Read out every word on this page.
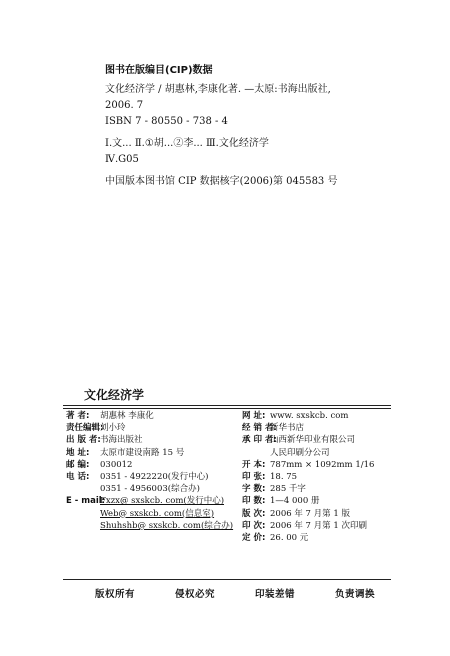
图书在版编目(CIP)数据
文化经济学 / 胡惠林,李康化著. —太原:书海出版社,
2006. 7
ISBN 7 - 80550 - 738 - 4
Ⅰ.文... Ⅱ.①胡...②李... Ⅲ.文化经济学
Ⅳ.G05
中国版本图书馆 CIP 数据核字(2006)第 045583 号
文化经济学
著 者:	胡惠林 李康化
责任编辑:
刘小玲
出 版 者: 书海出版社
地 址:	太原市建设南路 15 号
邮 编:	030012
电 话:	0351 - 4922220(发行中心)
0351 - 4956003(综合办)
E - mail:
Fxzx@ sxskcb. com(发行中心)
Web@ sxskcb. com(信息室)
Shuhshb@ sxskcb. com(综合办)
网 址: www. sxskcb. com
经 销 者:
新华书店
承 印 者:
山西新华印业有限公司
人民印刷分公司
开 本: 787mm × 1092mm 1/16
印 张: 18. 75
字 数: 285 千字
印 数: 1—4 000 册
版 次: 2006 年 7 月第 1 版
印 次: 2006 年 7 月第 1 次印刷
定 价: 26. 00 元
版权所有	侵权必究	印装差错	负责调换
